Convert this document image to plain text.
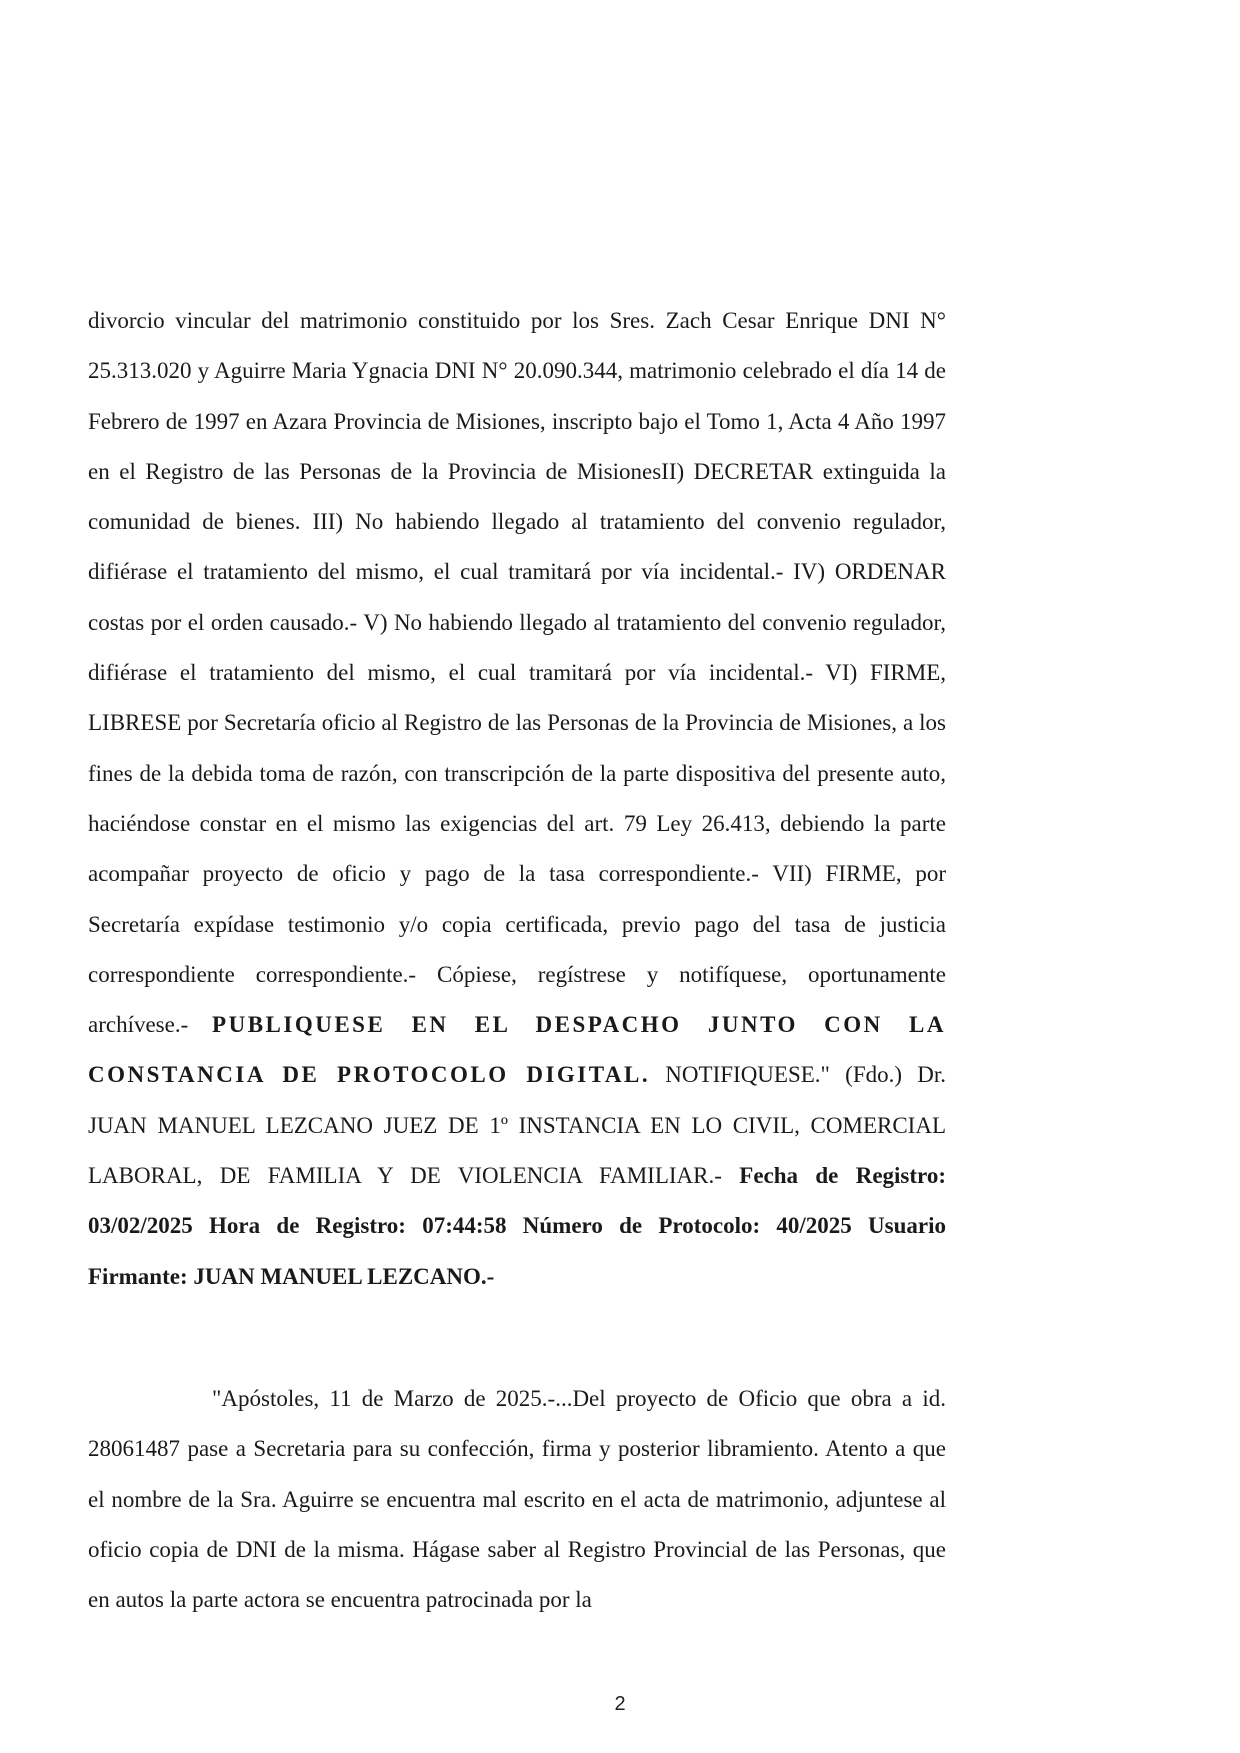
divorcio vincular del matrimonio constituido por los Sres. Zach Cesar Enrique DNI N° 25.313.020 y Aguirre Maria Ygnacia DNI N° 20.090.344, matrimonio celebrado el día 14 de Febrero de 1997 en Azara Provincia de Misiones, inscripto bajo el Tomo 1, Acta 4 Año 1997 en el Registro de las Personas de la Provincia de MisionesII) DECRETAR extinguida la comunidad de bienes. III) No habiendo llegado al tratamiento del convenio regulador, difiérase el tratamiento del mismo, el cual tramitará por vía incidental.- IV) ORDENAR costas por el orden causado.- V) No habiendo llegado al tratamiento del convenio regulador, difiérase el tratamiento del mismo, el cual tramitará por vía incidental.- VI) FIRME, LIBRESE por Secretaría oficio al Registro de las Personas de la Provincia de Misiones, a los fines de la debida toma de razón, con transcripción de la parte dispositiva del presente auto, haciéndose constar en el mismo las exigencias del art. 79 Ley 26.413, debiendo la parte acompañar proyecto de oficio y pago de la tasa correspondiente.- VII) FIRME, por Secretaría expídase testimonio y/o copia certificada, previo pago del tasa de justicia correspondiente correspondiente.- Cópiese, regístrese y notifíquese, oportunamente archívese.- PUBLIQUESE EN EL DESPACHO JUNTO CON LA CONSTANCIA DE PROTOCOLO DIGITAL. NOTIFIQUESE." (Fdo.) Dr. JUAN MANUEL LEZCANO JUEZ DE 1º INSTANCIA EN LO CIVIL, COMERCIAL LABORAL, DE FAMILIA Y DE VIOLENCIA FAMILIAR.- Fecha de Registro: 03/02/2025 Hora de Registro: 07:44:58 Número de Protocolo: 40/2025 Usuario Firmante: JUAN MANUEL LEZCANO.-

"Apóstoles, 11 de Marzo de 2025.-...Del proyecto de Oficio que obra a id. 28061487 pase a Secretaria para su confección, firma y posterior libramiento. Atento a que el nombre de la Sra. Aguirre se encuentra mal escrito en el acta de matrimonio, adjuntese al oficio copia de DNI de la misma. Hágase saber al Registro Provincial de las Personas, que en autos la parte actora se encuentra patrocinada por la

2
